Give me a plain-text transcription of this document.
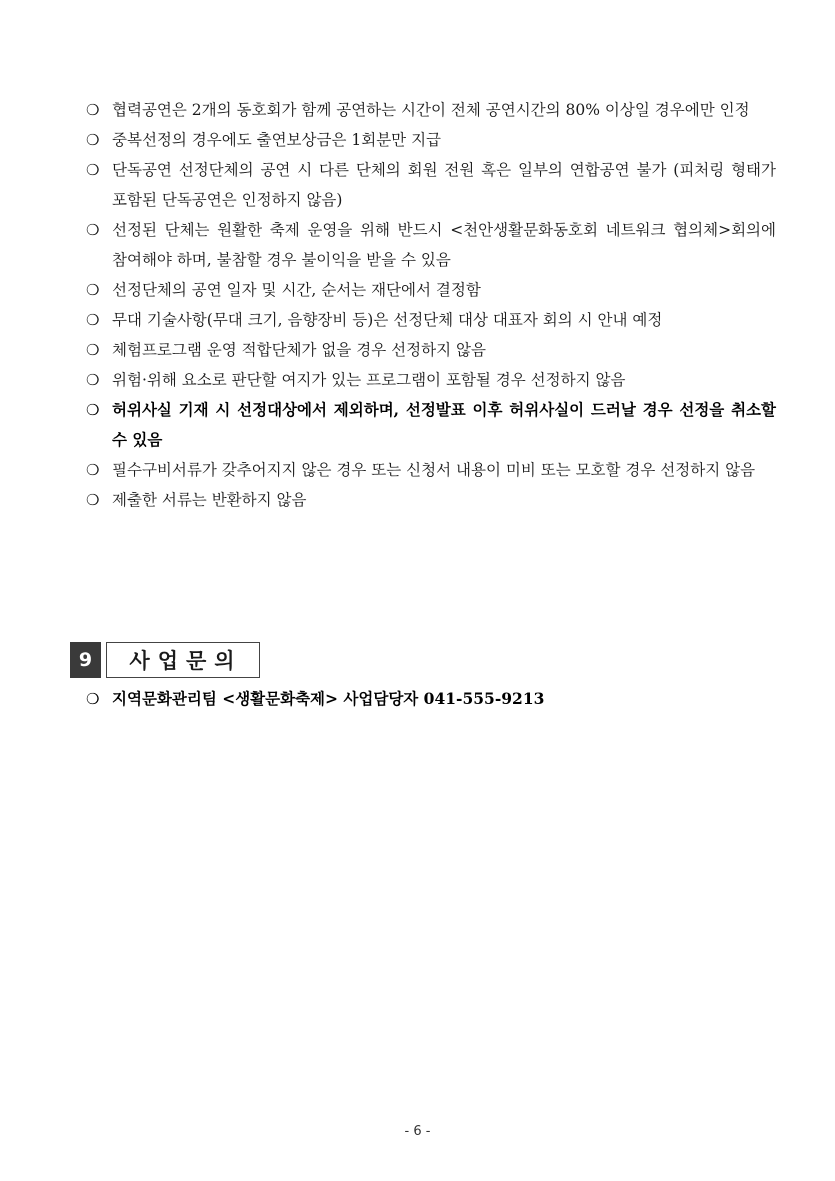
❍ 협력공연은 2개의 동호회가 함께 공연하는 시간이 전체 공연시간의 80% 이상일 경우에만 인정
❍ 중복선정의 경우에도 출연보상금은 1회분만 지급
❍ 단독공연 선정단체의 공연 시 다른 단체의 회원 전원 혹은 일부의 연합공연 불가 (피처링 형태가 포함된 단독공연은 인정하지 않음)
❍ 선정된 단체는 원활한 축제 운영을 위해 반드시 <천안생활문화동호회 네트워크 협의체>회의에 참여해야 하며, 불참할 경우 불이익을 받을 수 있음
❍ 선정단체의 공연 일자 및 시간, 순서는 재단에서 결정함
❍ 무대 기술사항(무대 크기, 음향장비 등)은 선정단체 대상 대표자 회의 시 안내 예정
❍ 체험프로그램 운영 적합단체가 없을 경우 선정하지 않음
❍ 위험·위해 요소로 판단할 여지가 있는 프로그램이 포함될 경우 선정하지 않음
❍ 허위사실 기재 시 선정대상에서 제외하며, 선정발표 이후 허위사실이 드러날 경우 선정을 취소할 수 있음
❍ 필수구비서류가 갖추어지지 않은 경우 또는 신청서 내용이 미비 또는 모호할 경우 선정하지 않음
❍ 제출한 서류는 반환하지 않음
9	사업문의
❍ 지역문화관리팀 <생활문화축제> 사업담당자 041-555-9213
- 6 -
